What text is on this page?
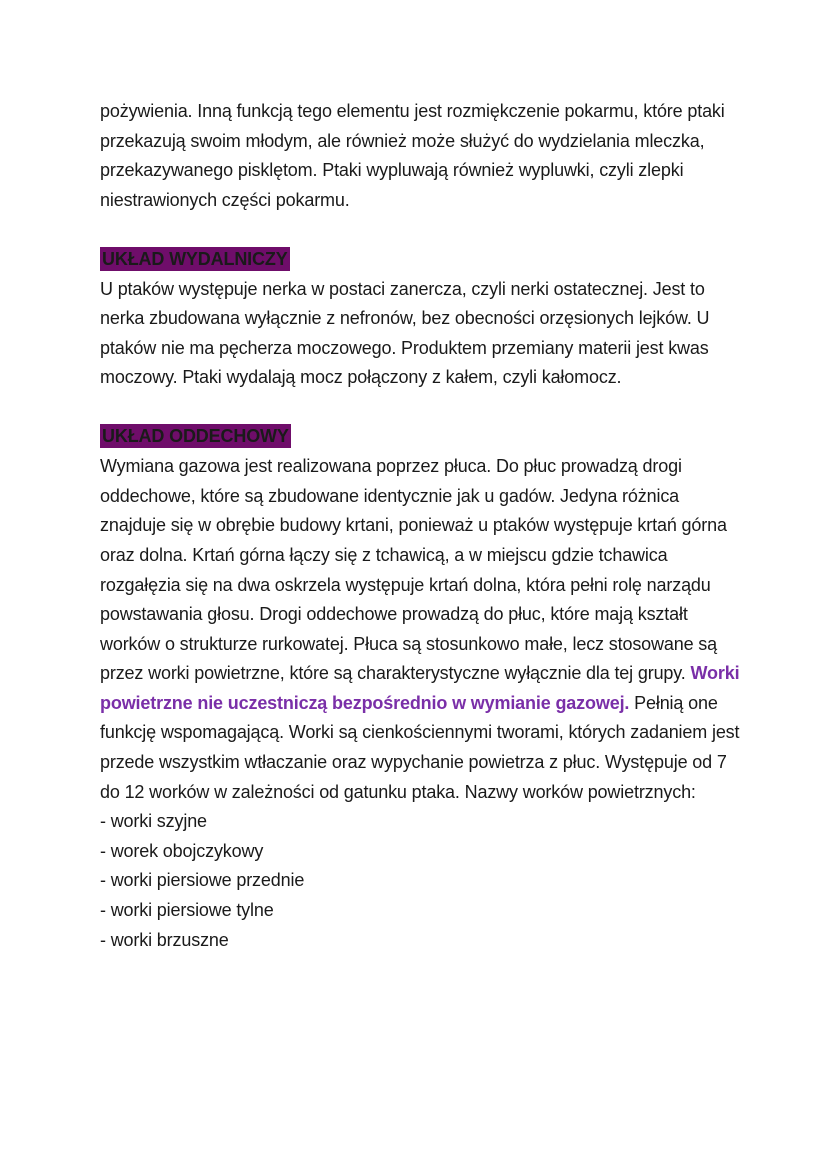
pożywienia. Inną funkcją tego elementu jest rozmiękczenie pokarmu, które ptaki przekazują swoim młodym, ale również może służyć do wydzielania mleczka, przekazywanego pisklętom. Ptaki wypluwają również wypluwki, czyli zlepki niestrawionych części pokarmu.

UKŁAD WYDALNICZY

U ptaków występuje nerka w postaci zanercza, czyli nerki ostatecznej. Jest to nerka zbudowana wyłącznie z nefronów, bez obecności orzęsionych lejków. U ptaków nie ma pęcherza moczowego. Produktem przemiany materii jest kwas moczowy. Ptaki wydalają mocz połączony z kałem, czyli kałomocz.

UKŁAD ODDECHOWY

Wymiana gazowa jest realizowana poprzez płuca. Do płuc prowadzą drogi oddechowe, które są zbudowane identycznie jak u gadów. Jedyna różnica znajduje się w obrębie budowy krtani, ponieważ u ptaków występuje krtań górna oraz dolna. Krtań górna łączy się z tchawicą, a w miejscu gdzie tchawica rozgałęzia się na dwa oskrzela występuje krtań dolna, która pełni rolę narządu powstawania głosu. Drogi oddechowe prowadzą do płuc, które mają kształt worków o strukturze rurkowatej. Płuca są stosunkowo małe, lecz stosowane są przez worki powietrzne, które są charakterystyczne wyłącznie dla tej grupy. Worki powietrzne nie uczestniczą bezpośrednio w wymianie gazowej. Pełnią one funkcję wspomagającą. Worki są cienkościennymi tworami, których zadaniem jest przede wszystkim wtłaczanie oraz wypychanie powietrza z płuc. Występuje od 7 do 12 worków w zależności od gatunku ptaka. Nazwy worków powietrznych:

- worki szyjne
- worek obojczykowy
- worki piersiowe przednie
- worki piersiowe tylne
- worki brzuszne
